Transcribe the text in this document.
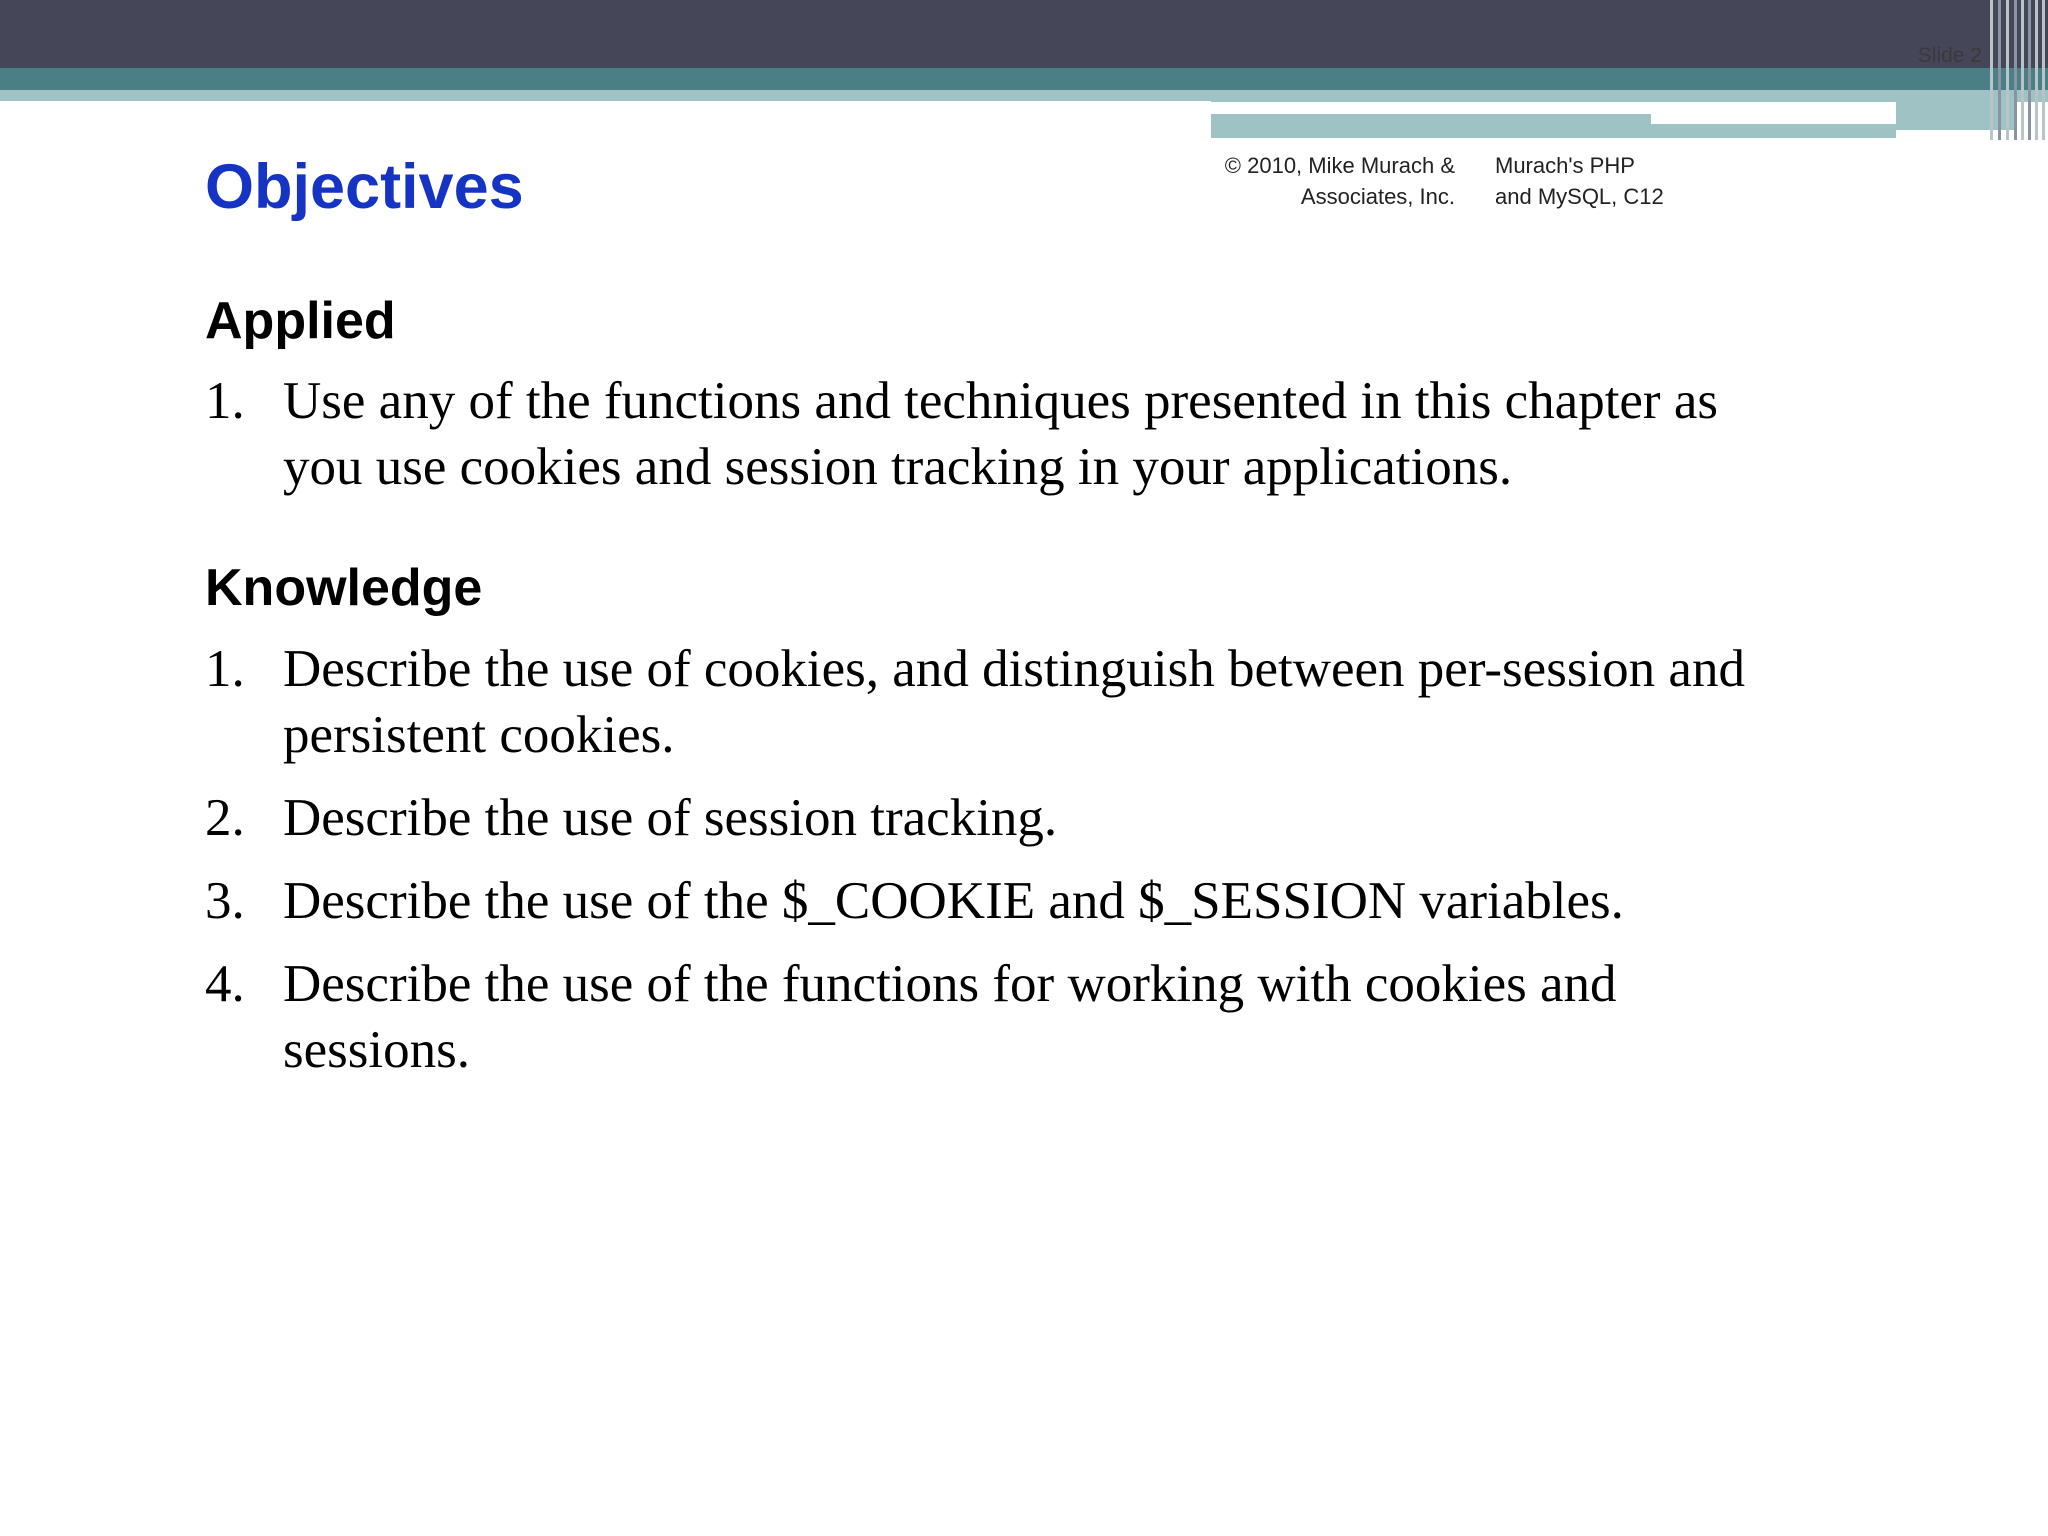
Slide 2
Objectives	© 2010, Mike Murach &
Associates, Inc.
Murach's PHP
and MySQL, C12
Applied
1. Use any of the functions and techniques presented in this chapter as you use cookies and session tracking in your applications.
Knowledge
1. Describe the use of cookies, and distinguish between per-session and persistent cookies.
2. Describe the use of session tracking.
3. Describe the use of the $_COOKIE and $_SESSION variables.
4. Describe the use of the functions for working with cookies and sessions.
